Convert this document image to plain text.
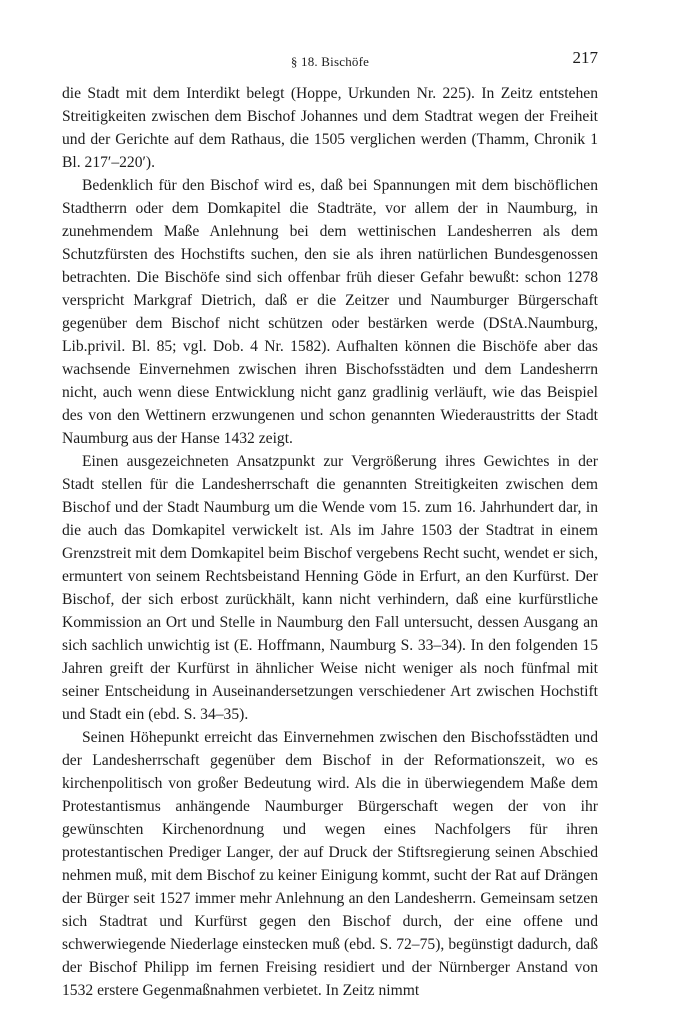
§ 18. Bischöfe	217

die Stadt mit dem Interdikt belegt (Hoppe, Urkunden Nr. 225). In Zeitz entstehen Streitigkeiten zwischen dem Bischof Johannes und dem Stadtrat wegen der Freiheit und der Gerichte auf dem Rathaus, die 1505 verglichen werden (Thamm, Chronik 1 Bl. 217′–220′).

Bedenklich für den Bischof wird es, daß bei Spannungen mit dem bischöflichen Stadtherrn oder dem Domkapitel die Stadträte, vor allem der in Naumburg, in zunehmendem Maße Anlehnung bei dem wettinischen Landesherren als dem Schutzfürsten des Hochstifts suchen, den sie als ihren natürlichen Bundesgenossen betrachten. Die Bischöfe sind sich offenbar früh dieser Gefahr bewußt: schon 1278 verspricht Markgraf Dietrich, daß er die Zeitzer und Naumburger Bürgerschaft gegenüber dem Bischof nicht schützen oder bestärken werde (DStA.Naumburg, Lib.privil. Bl. 85; vgl. Dob. 4 Nr. 1582). Aufhalten können die Bischöfe aber das wachsende Einvernehmen zwischen ihren Bischofsstädten und dem Landesherrn nicht, auch wenn diese Entwicklung nicht ganz gradlinig verläuft, wie das Beispiel des von den Wettinern erzwungenen und schon genannten Wiederaustritts der Stadt Naumburg aus der Hanse 1432 zeigt.

Einen ausgezeichneten Ansatzpunkt zur Vergrößerung ihres Gewichtes in der Stadt stellen für die Landesherrschaft die genannten Streitigkeiten zwischen dem Bischof und der Stadt Naumburg um die Wende vom 15. zum 16. Jahrhundert dar, in die auch das Domkapitel verwickelt ist. Als im Jahre 1503 der Stadtrat in einem Grenzstreit mit dem Domkapitel beim Bischof vergebens Recht sucht, wendet er sich, ermuntert von seinem Rechtsbeistand Henning Göde in Erfurt, an den Kurfürst. Der Bischof, der sich erbost zurückhält, kann nicht verhindern, daß eine kurfürstliche Kommission an Ort und Stelle in Naumburg den Fall untersucht, dessen Ausgang an sich sachlich unwichtig ist (E. Hoffmann, Naumburg S. 33–34). In den folgenden 15 Jahren greift der Kurfürst in ähnlicher Weise nicht weniger als noch fünfmal mit seiner Entscheidung in Auseinandersetzungen verschiedener Art zwischen Hochstift und Stadt ein (ebd. S. 34–35).

Seinen Höhepunkt erreicht das Einvernehmen zwischen den Bischofsstädten und der Landesherrschaft gegenüber dem Bischof in der Reformationszeit, wo es kirchenpolitisch von großer Bedeutung wird. Als die in überwiegendem Maße dem Protestantismus anhängende Naumburger Bürgerschaft wegen der von ihr gewünschten Kirchenordnung und wegen eines Nachfolgers für ihren protestantischen Prediger Langer, der auf Druck der Stiftsregierung seinen Abschied nehmen muß, mit dem Bischof zu keiner Einigung kommt, sucht der Rat auf Drängen der Bürger seit 1527 immer mehr Anlehnung an den Landesherrn. Gemeinsam setzen sich Stadtrat und Kurfürst gegen den Bischof durch, der eine offene und schwerwiegende Niederlage einstecken muß (ebd. S. 72–75), begünstigt dadurch, daß der Bischof Philipp im fernen Freising residiert und der Nürnberger Anstand von 1532 erstere Gegenmaßnahmen verbietet. In Zeitz nimmt
